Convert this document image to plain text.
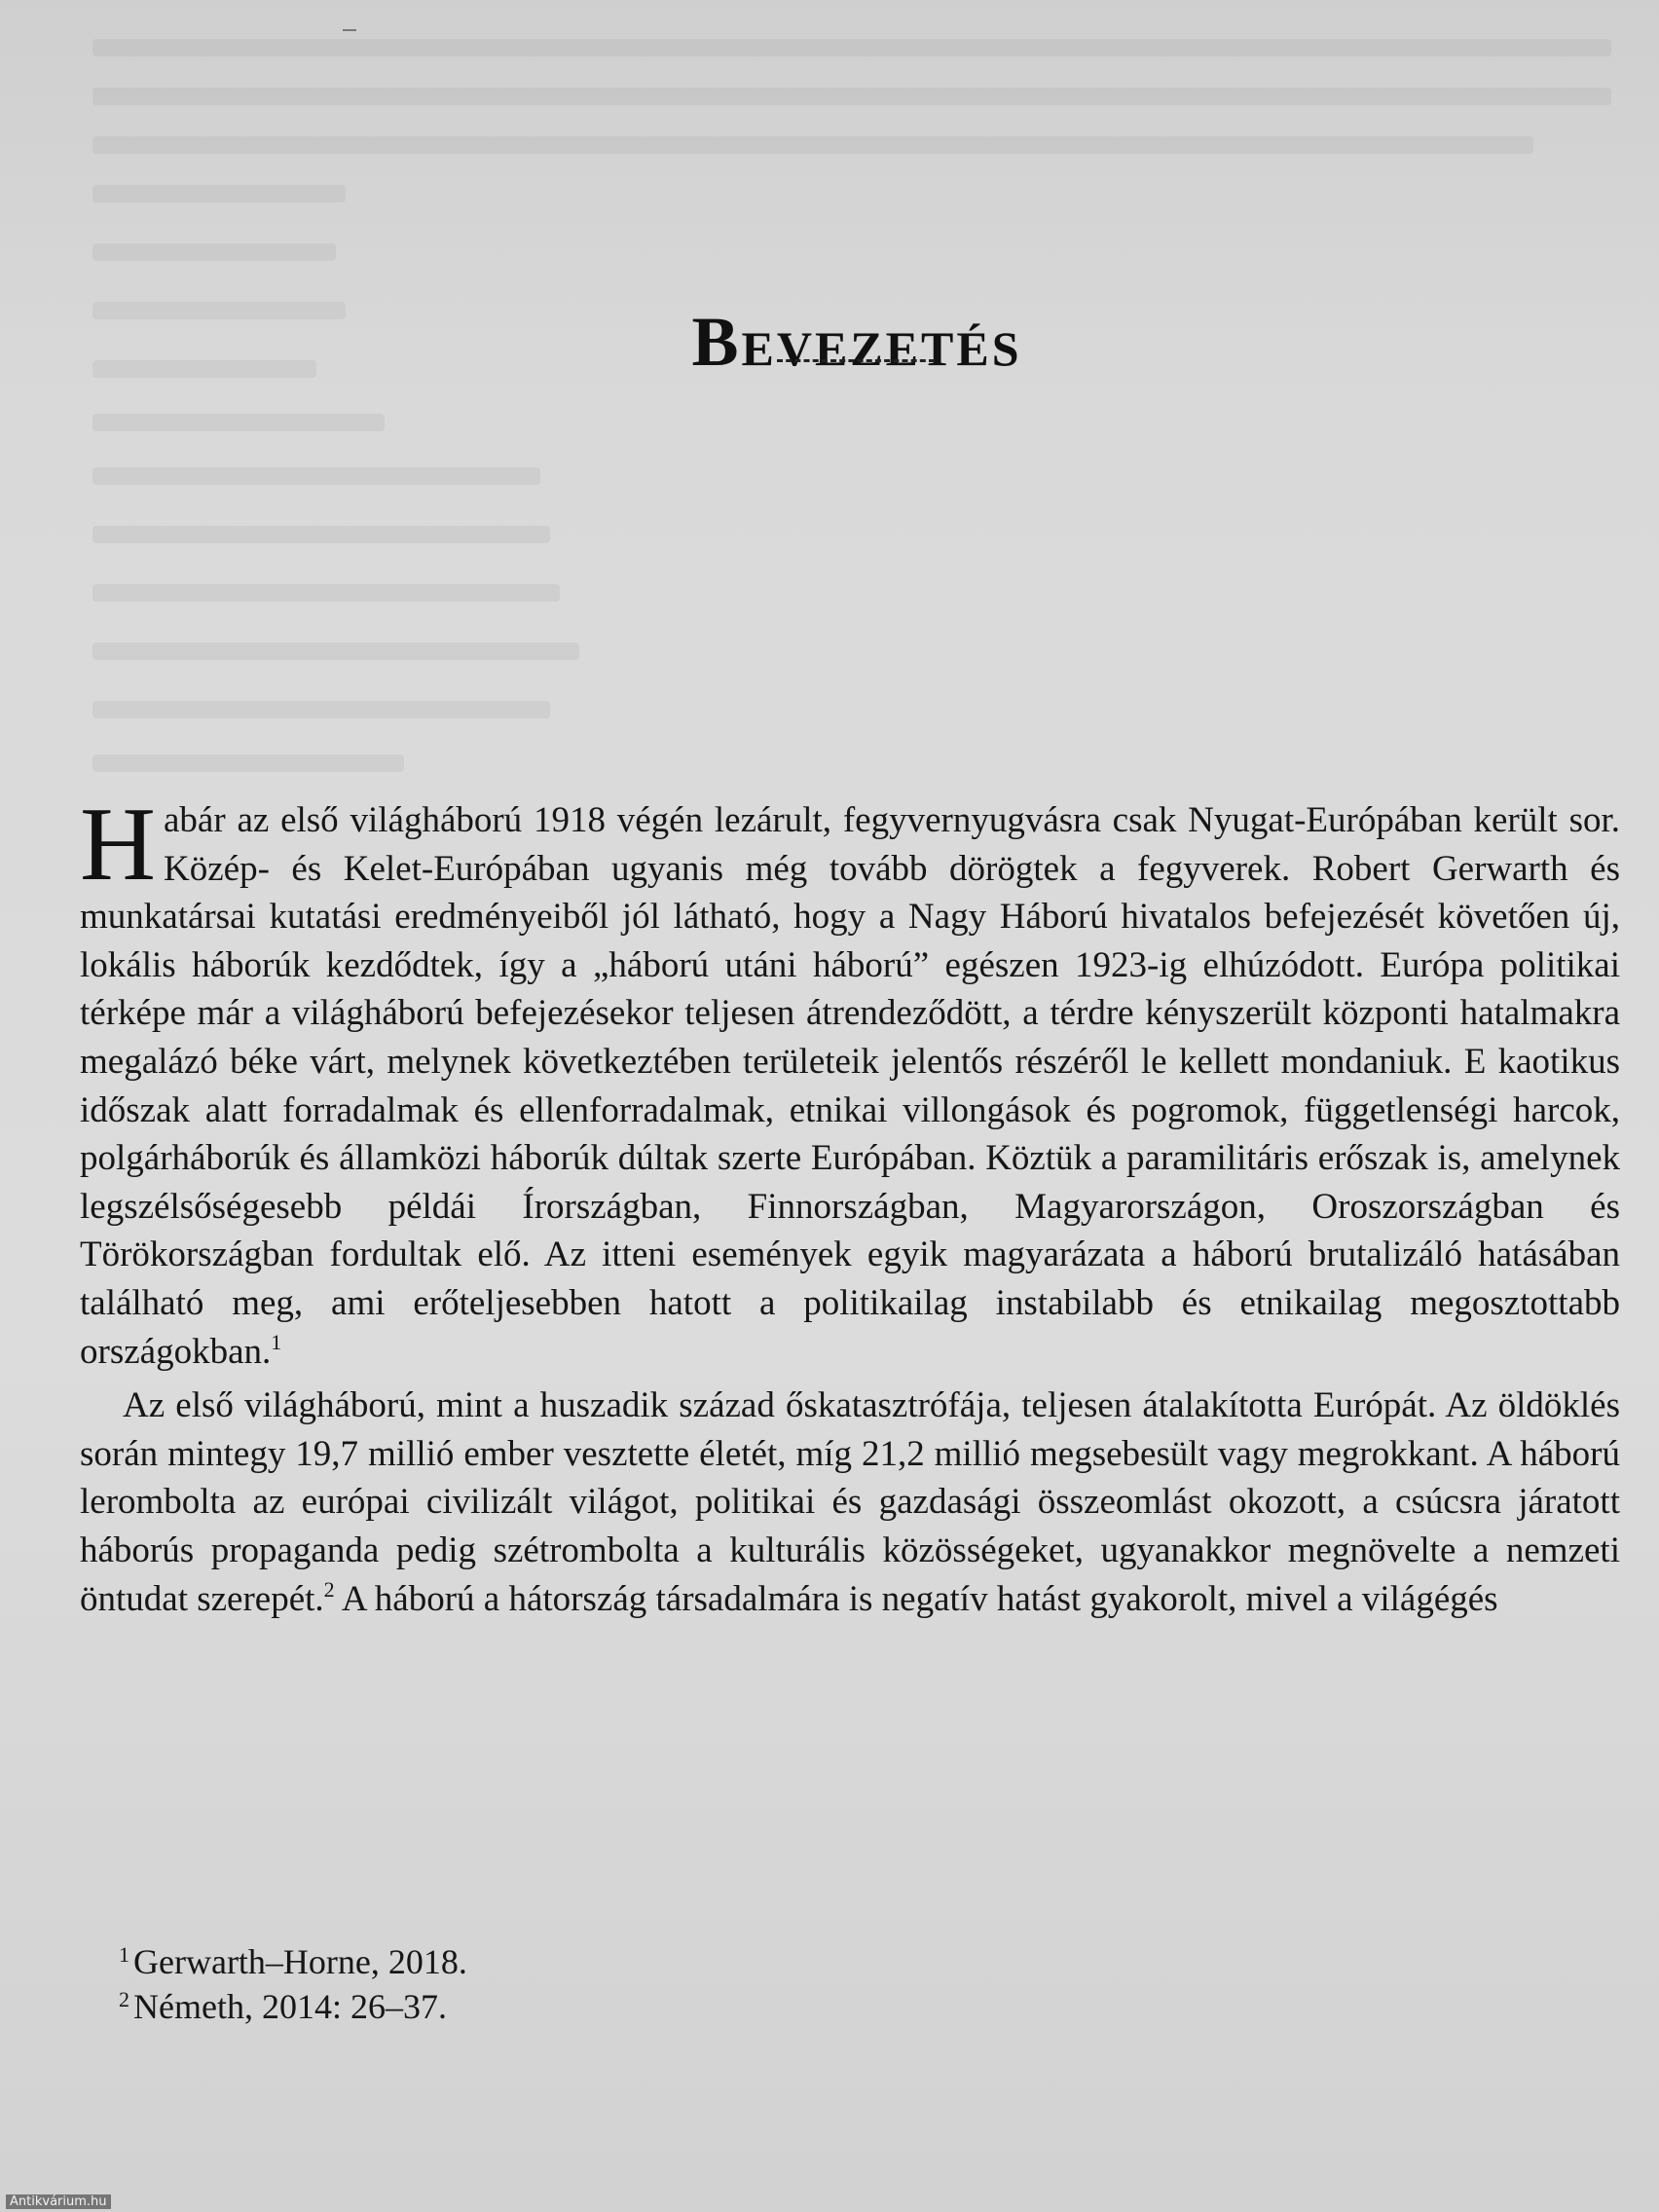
Bevezetés

Habár az első világháború 1918 végén lezárult, fegyvernyugvásra csak Nyugat-Európában került sor. Közép- és Kelet-Európában ugyanis még tovább dörögtek a fegyverek. Robert Gerwarth és munkatársai kutatási eredményeiből jól látható, hogy a Nagy Háború hivatalos befejezését követően új, lokális háborúk kezdődtek, így a „háború utáni háború” egészen 1923-ig elhúzódott. Európa politikai térképe már a világháború befejezésekor teljesen átrendeződött, a térdre kényszerült központi hatalmakra megalázó béke várt, melynek következtében területeik jelentős részéről le kellett mondaniuk. E kaotikus időszak alatt forradalmak és ellenforradalmak, etnikai villongások és pogromok, függetlenségi harcok, polgárháborúk és államközi háborúk dúltak szerte Európában. Köztük a paramilitáris erőszak is, amelynek legszélsőségesebb példái Írországban, Finnországban, Magyarországon, Oroszországban és Törökországban fordultak elő. Az itteni események egyik magyarázata a háború brutalizáló hatásában található meg, ami erőteljesebben hatott a politikailag instabilabb és etnikailag megosztottabb országokban.$^1$

Az első világháború, mint a huszadik század őskatasztrófája, teljesen átalakította Európát. Az öldöklés során mintegy 19,7 millió ember vesztette életét, míg 21,2 millió megsebesült vagy megrokkant. A háború lerombolta az európai civilizált világot, politikai és gazdasági összeomlást okozott, a csúcsra járatott háborús propaganda pedig szétrombolta a kulturális közösségeket, ugyanakkor megnövelte a nemzeti öntudat szerepét.$^2$ A háború a hátország társadalmára is negatív hatást gyakorolt, mivel a világégés

$^1$ Gerwarth–Horne, 2018.
$^2$ Németh, 2014: 26–37.
Antikvárium.hu
